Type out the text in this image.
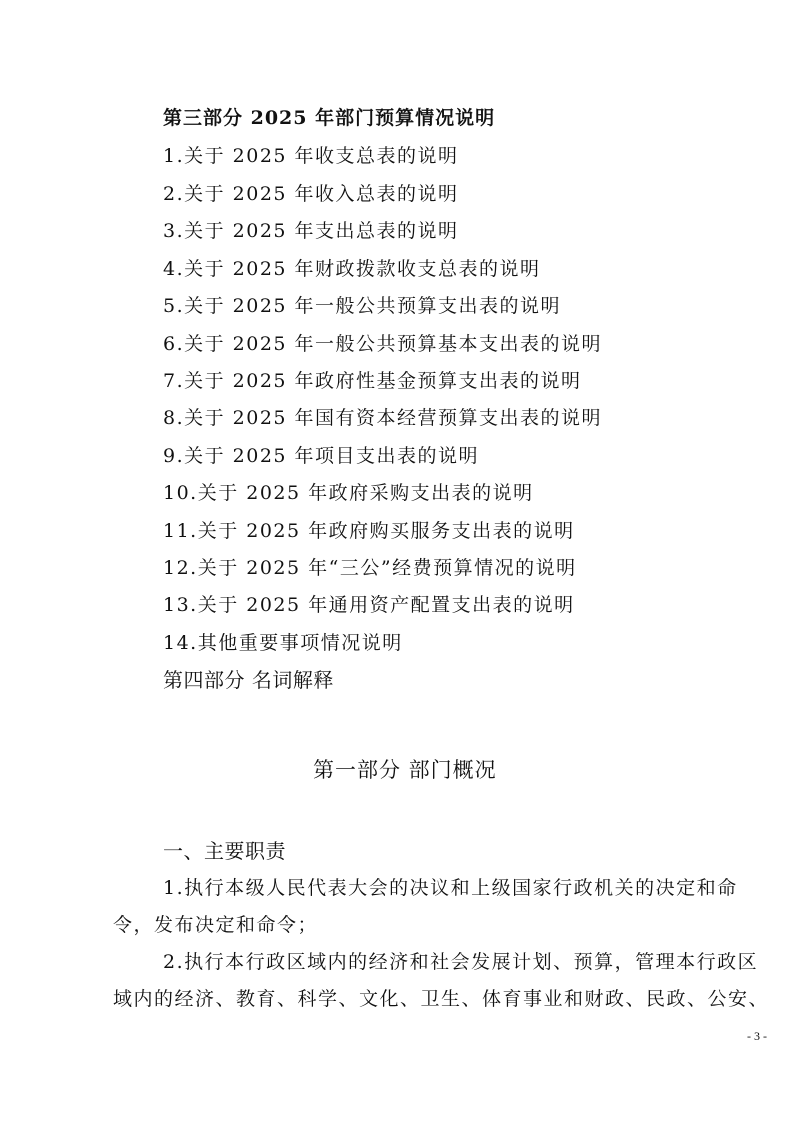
第三部分 2025 年部门预算情况说明
1.关于 2025 年收支总表的说明
2.关于 2025 年收入总表的说明
3.关于 2025 年支出总表的说明
4.关于 2025 年财政拨款收支总表的说明
5.关于 2025 年一般公共预算支出表的说明
6.关于 2025 年一般公共预算基本支出表的说明
7.关于 2025 年政府性基金预算支出表的说明
8.关于 2025 年国有资本经营预算支出表的说明
9.关于 2025 年项目支出表的说明
10.关于 2025 年政府采购支出表的说明
11.关于 2025 年政府购买服务支出表的说明
12.关于 2025 年“三公”经费预算情况的说明
13.关于 2025 年通用资产配置支出表的说明
14.其他重要事项情况说明
第四部分 名词解释
第一部分 部门概况
一、主要职责
1.执行本级人民代表大会的决议和上级国家行政机关的决定和命
令，发布决定和命令；
2.执行本行政区域内的经济和社会发展计划、预算，管理本行政区
域内的经济、教育、科学、文化、卫生、体育事业和财政、民政、公安、
- 3 -
